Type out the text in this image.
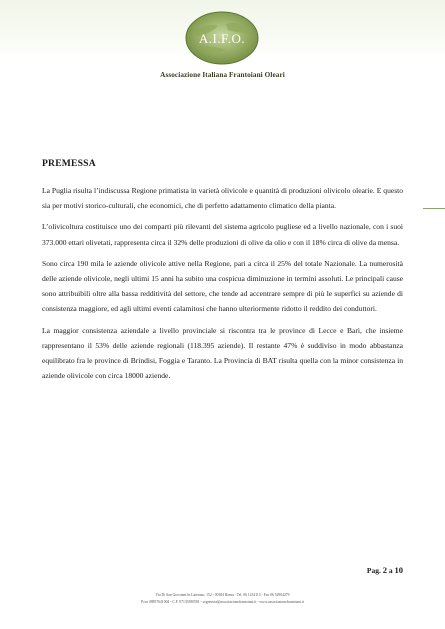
A.I.F.O.
Associazione Italiana Frantoiani Oleari
PREMESSA

La Puglia risulta l’indiscussa Regione primatista in varietà olivicole e quantità di produzioni olivicolo olearie. E questo sia per motivi storico-culturali, che economici, che di perfetto adattamento climatico della pianta.

L’olivicoltura costituisce uno dei comparti più rilevanti del sistema agricolo pugliese ed a livello nazionale, con i suoi 373.000 ettari olivetati, rappresenta circa il 32% delle produzioni di olive da olio e con il 18% circa di olive da mensa.

Sono circa 190 mila le aziende olivicole attive nella Regione, pari a circa il 25% del totale Nazionale. La numerosità delle aziende olivicole, negli ultimi 15 anni ha subito una cospicua diminuzione in termini assoluti. Le principali cause sono attribuibili oltre alla bassa redditività del settore, che tende ad accentrare sempre di più le superfici su aziende di consistenza maggiore, ed agli ultimi eventi calamitosi che hanno ulteriormente ridotto il reddito dei conduttori.

La maggior consistenza aziendale a livello provinciale si riscontra tra le province di Lecce e Bari, che insieme rappresentano il 53% delle aziende regionali (118.395 aziende). Il restante 47% è suddiviso in modo abbastanza equilibrato fra le province di Brindisi, Foggia e Taranto. La Provincia di BAT risulta quella con la minor consistenza in aziende olivicole con circa 18000 aziende.

Pag. 2 a 10
Via Di San Giovanni In Laterano, 152 - 00184 Roma - Tel. 06 1234113 - Fax 06 52904279
P.iva 08857641004 - C.F. 97133580581 - segreteria@associazionefrantoiani.it - www.associazionefrantoiani.it
